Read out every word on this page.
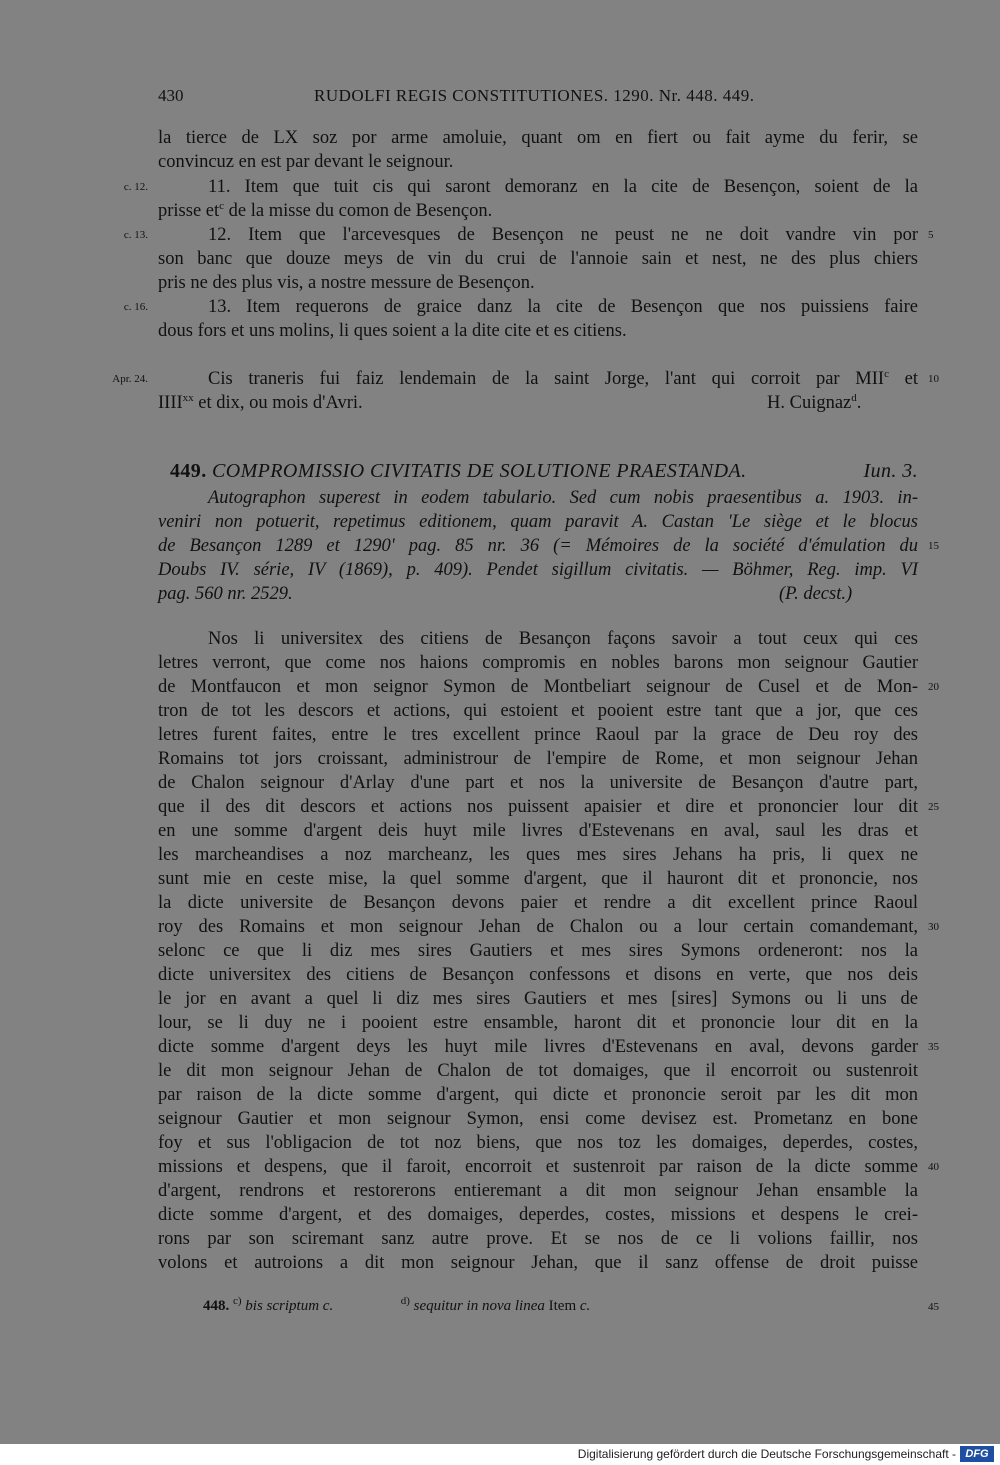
430	RUDOLFI REGIS CONSTITUTIONES. 1290. Nr. 448. 449.
la tierce de LX soz por arme amoluie, quant om en fiert ou fait ayme du ferir, se
convincuz en est par devant le seignour.
c. 12.	11. Item que tuit cis qui saront demoranz en la cite de Besençon, soient de la
prisse $et^c$ de la misse du comon de Besençon.
c. 13.	12. Item que l'arcevesques de Besençon ne peust ne ne doit vandre vin por 5
son banc que douze meys de vin du crui de l'annoie sain et nest, ne des plus chiers
pris ne des plus vis, a nostre messure de Besençon.
c. 16.	13. Item requerons de graice danz la cite de Besençon que nos puissiens faire
dous fors et uns molins, li ques soient a la dite cite et es citiens.
Apr. 24.	Cis traneris fui faiz lendemain de la saint Jorge, l'ant qui corroit par MII$^c$ et 10
IIII$^{xx}$ et dix, ou mois d'Avri.	H. Cuignaz$^d$.
449. COMPROMISSIO CIVITATIS DE SOLUTIONE PRAESTANDA.	Iun. 3.
Autographon superest in eodem tabulario. Sed cum nobis praesentibus a. 1903. in-
veniri non potuerit, repetimus editionem, quam paravit A. Castan 'Le siège et le blocus
de Besançon 1289 et 1290' pag. 85 nr. 36 (= Mémoires de la société d'émulation du 15
Doubs IV. série, IV (1869), p. 409). Pendet sigillum civitatis. — Böhmer, Reg. imp. VI
pag. 560 nr. 2529.	(P. decst.)
Nos li universitex des citiens de Besançon façons savoir a tout ceux qui ces
letres verront, que come nos haions compromis en nobles barons mon seignour Gautier
de Montfaucon et mon seignor Symon de Montbeliart seignour de Cusel et de Mon- 20
tron de tot les descors et actions, qui estoient et pooient estre tant que a jor, que ces
letres furent faites, entre le tres excellent prince Raoul par la grace de Deu roy des
Romains tot jors croissant, administrour de l'empire de Rome, et mon seignour Jehan
de Chalon seignour d'Arlay d'une part et nos la universite de Besançon d'autre part,
que il des dit descors et actions nos puissent apaisier et dire et prononcier lour dit 25
en une somme d'argent deis huyt mile livres d'Estevenans en aval, saul les dras et
les marcheandises a noz marcheanz, les ques mes sires Jehans ha pris, li quex ne
sunt mie en ceste mise, la quel somme d'argent, que il hauront dit et prononcie, nos
la dicte universite de Besançon devons paier et rendre a dit excellent prince Raoul
roy des Romains et mon seignour Jehan de Chalon ou a lour certain comandemant, 30
selonc ce que li diz mes sires Gautiers et mes sires Symons ordeneront: nos la
dicte universitex des citiens de Besançon confessons et disons en verte, que nos deis
le jor en avant a quel li diz mes sires Gautiers et mes [sires] Symons ou li uns de
lour, se li duy ne i pooient estre ensamble, haront dit et prononcie lour dit en la
dicte somme d'argent deys les huyt mile livres d'Estevenans en aval, devons garder 35
le dit mon seignour Jehan de Chalon de tot domaiges, que il encorroit ou sustenroit
par raison de la dicte somme d'argent, qui dicte et prononcie seroit par les dit mon
seignour Gautier et mon seignour Symon, ensi come devisez est. Prometanz en bone
foy et sus l'obligacion de tot noz biens, que nos toz les domaiges, deperdes, costes,
missions et despens, que il faroit, encorroit et sustenroit par raison de la dicte somme 40
d'argent, rendrons et restorerons entieremant a dit mon seignour Jehan ensamble la
dicte somme d'argent, et des domaiges, deperdes, costes, missions et despens le crei-
rons par son sciremant sanz autre prove. Et se nos de ce li volions faillir, nos
volons et autroions a dit mon seignour Jehan, que il sanz offense de droit puisse
448. $^{c)}$ bis scriptum c.	$^{d)}$ sequitur in nova linea Item c.	45
Digitalisierung gefördert durch die Deutsche Forschungsgemeinschaft - DFG
